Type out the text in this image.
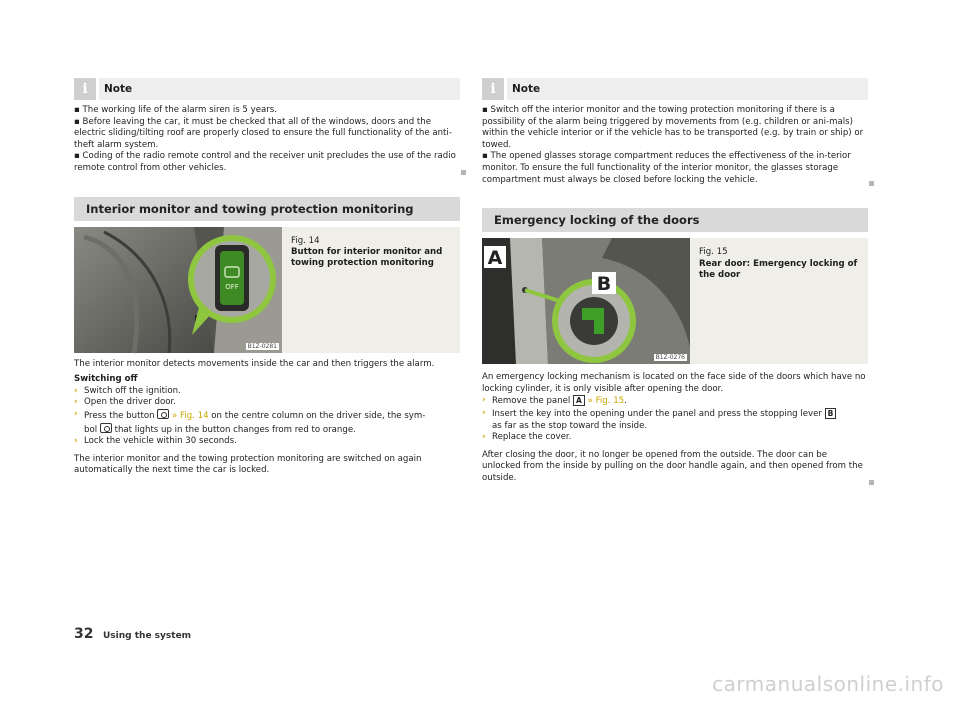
i	Note
▪ The working life of the alarm siren is 5 years.
▪ Before leaving the car, it must be checked that all of the windows, doors and the electric sliding/tilting roof are properly closed to ensure the full functionality of the anti-theft alarm system.
▪ Coding of the radio remote control and the receiver unit precludes the use of the radio remote control from other vehicles.
Interior monitor and towing protection monitoring
OFF
B1Z-0281
Fig. 14
Button for interior monitor and towing protection monitoring
The interior monitor detects movements inside the car and then triggers the alarm.
Switching off
› Switch off the ignition.
› Open the driver door.
› Press the button » Fig. 14 on the centre column on the driver side, the sym-
bol that lights up in the button changes from red to orange.
› Lock the vehicle within 30 seconds.
The interior monitor and the towing protection monitoring are switched on again automatically the next time the car is locked.
i	Note
▪ Switch off the interior monitor and the towing protection monitoring if there is a possibility of the alarm being triggered by movements from (e.g. children or ani-mals) within the vehicle interior or if the vehicle has to be transported (e.g. by train or ship) or towed.
▪ The opened glasses storage compartment reduces the effectiveness of the in-terior monitor. To ensure the full functionality of the interior monitor, the glasses storage compartment must always be closed before locking the vehicle.
Emergency locking of the doors
A
B
B1Z-0276
Fig. 15
Rear door: Emergency locking of the door
An emergency locking mechanism is located on the face side of the doors which have no locking cylinder, it is only visible after opening the door.
› Remove the panel A » Fig. 15.
› Insert the key into the opening under the panel and press the stopping lever B
as far as the stop toward the inside.
› Replace the cover.
After closing the door, it no longer be opened from the outside. The door can be unlocked from the inside by pulling on the door handle again, and then opened from the outside.
32 Using the system
carmanualsonline.info
